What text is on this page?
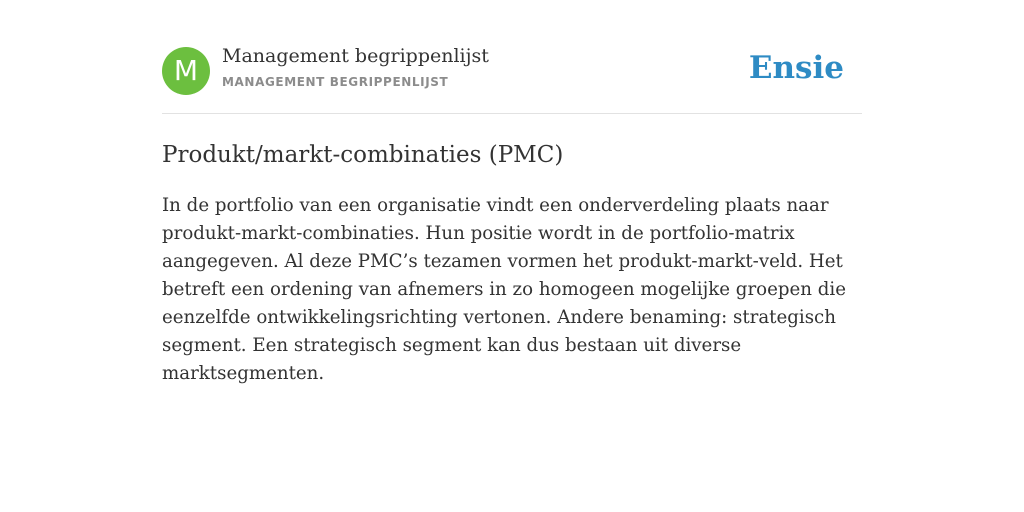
M	Management begrippenlijst
MANAGEMENT BEGRIPPENLIJST	Ensie
Produkt/markt-combinaties (PMC)

In de portfolio van een organisatie vindt een onderverdeling plaats naar produkt-markt-combinaties. Hun positie wordt in de portfolio-matrix aangegeven. Al deze PMC’s tezamen vormen het produkt-markt-veld. Het betreft een ordening van afnemers in zo homogeen mogelijke groepen die eenzelfde ontwikkelingsrichting vertonen. Andere benaming: strategisch segment. Een strategisch segment kan dus bestaan uit diverse marktsegmenten.
